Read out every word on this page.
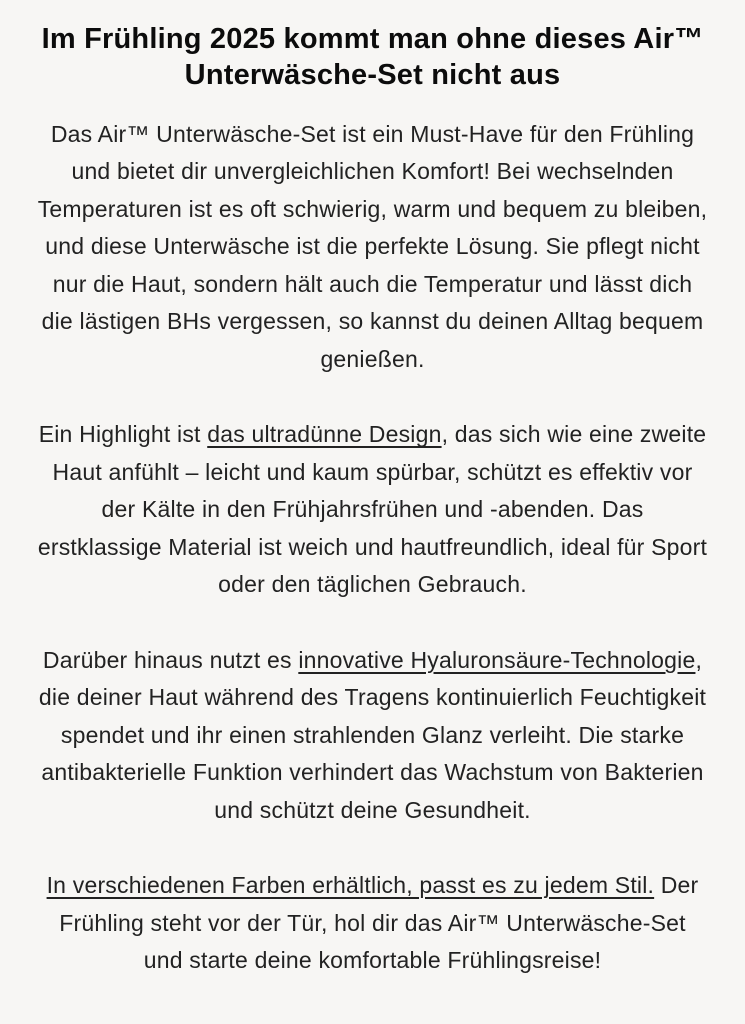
Im Frühling 2025 kommt man ohne dieses Air™ Unterwäsche-Set nicht aus

Das Air™ Unterwäsche-Set ist ein Must-Have für den Frühling und bietet dir unvergleichlichen Komfort! Bei wechselnden Temperaturen ist es oft schwierig, warm und bequem zu bleiben, und diese Unterwäsche ist die perfekte Lösung. Sie pflegt nicht nur die Haut, sondern hält auch die Temperatur und lässt dich die lästigen BHs vergessen, so kannst du deinen Alltag bequem genießen.

Ein Highlight ist das ultradünne Design, das sich wie eine zweite Haut anfühlt – leicht und kaum spürbar, schützt es effektiv vor der Kälte in den Frühjahrsfrühen und -abenden. Das erstklassige Material ist weich und hautfreundlich, ideal für Sport oder den täglichen Gebrauch.

Darüber hinaus nutzt es innovative Hyaluronsäure-Technologie, die deiner Haut während des Tragens kontinuierlich Feuchtigkeit spendet und ihr einen strahlenden Glanz verleiht. Die starke antibakterielle Funktion verhindert das Wachstum von Bakterien und schützt deine Gesundheit.

In verschiedenen Farben erhältlich, passt es zu jedem Stil. Der Frühling steht vor der Tür, hol dir das Air™ Unterwäsche-Set und starte deine komfortable Frühlingsreise!
